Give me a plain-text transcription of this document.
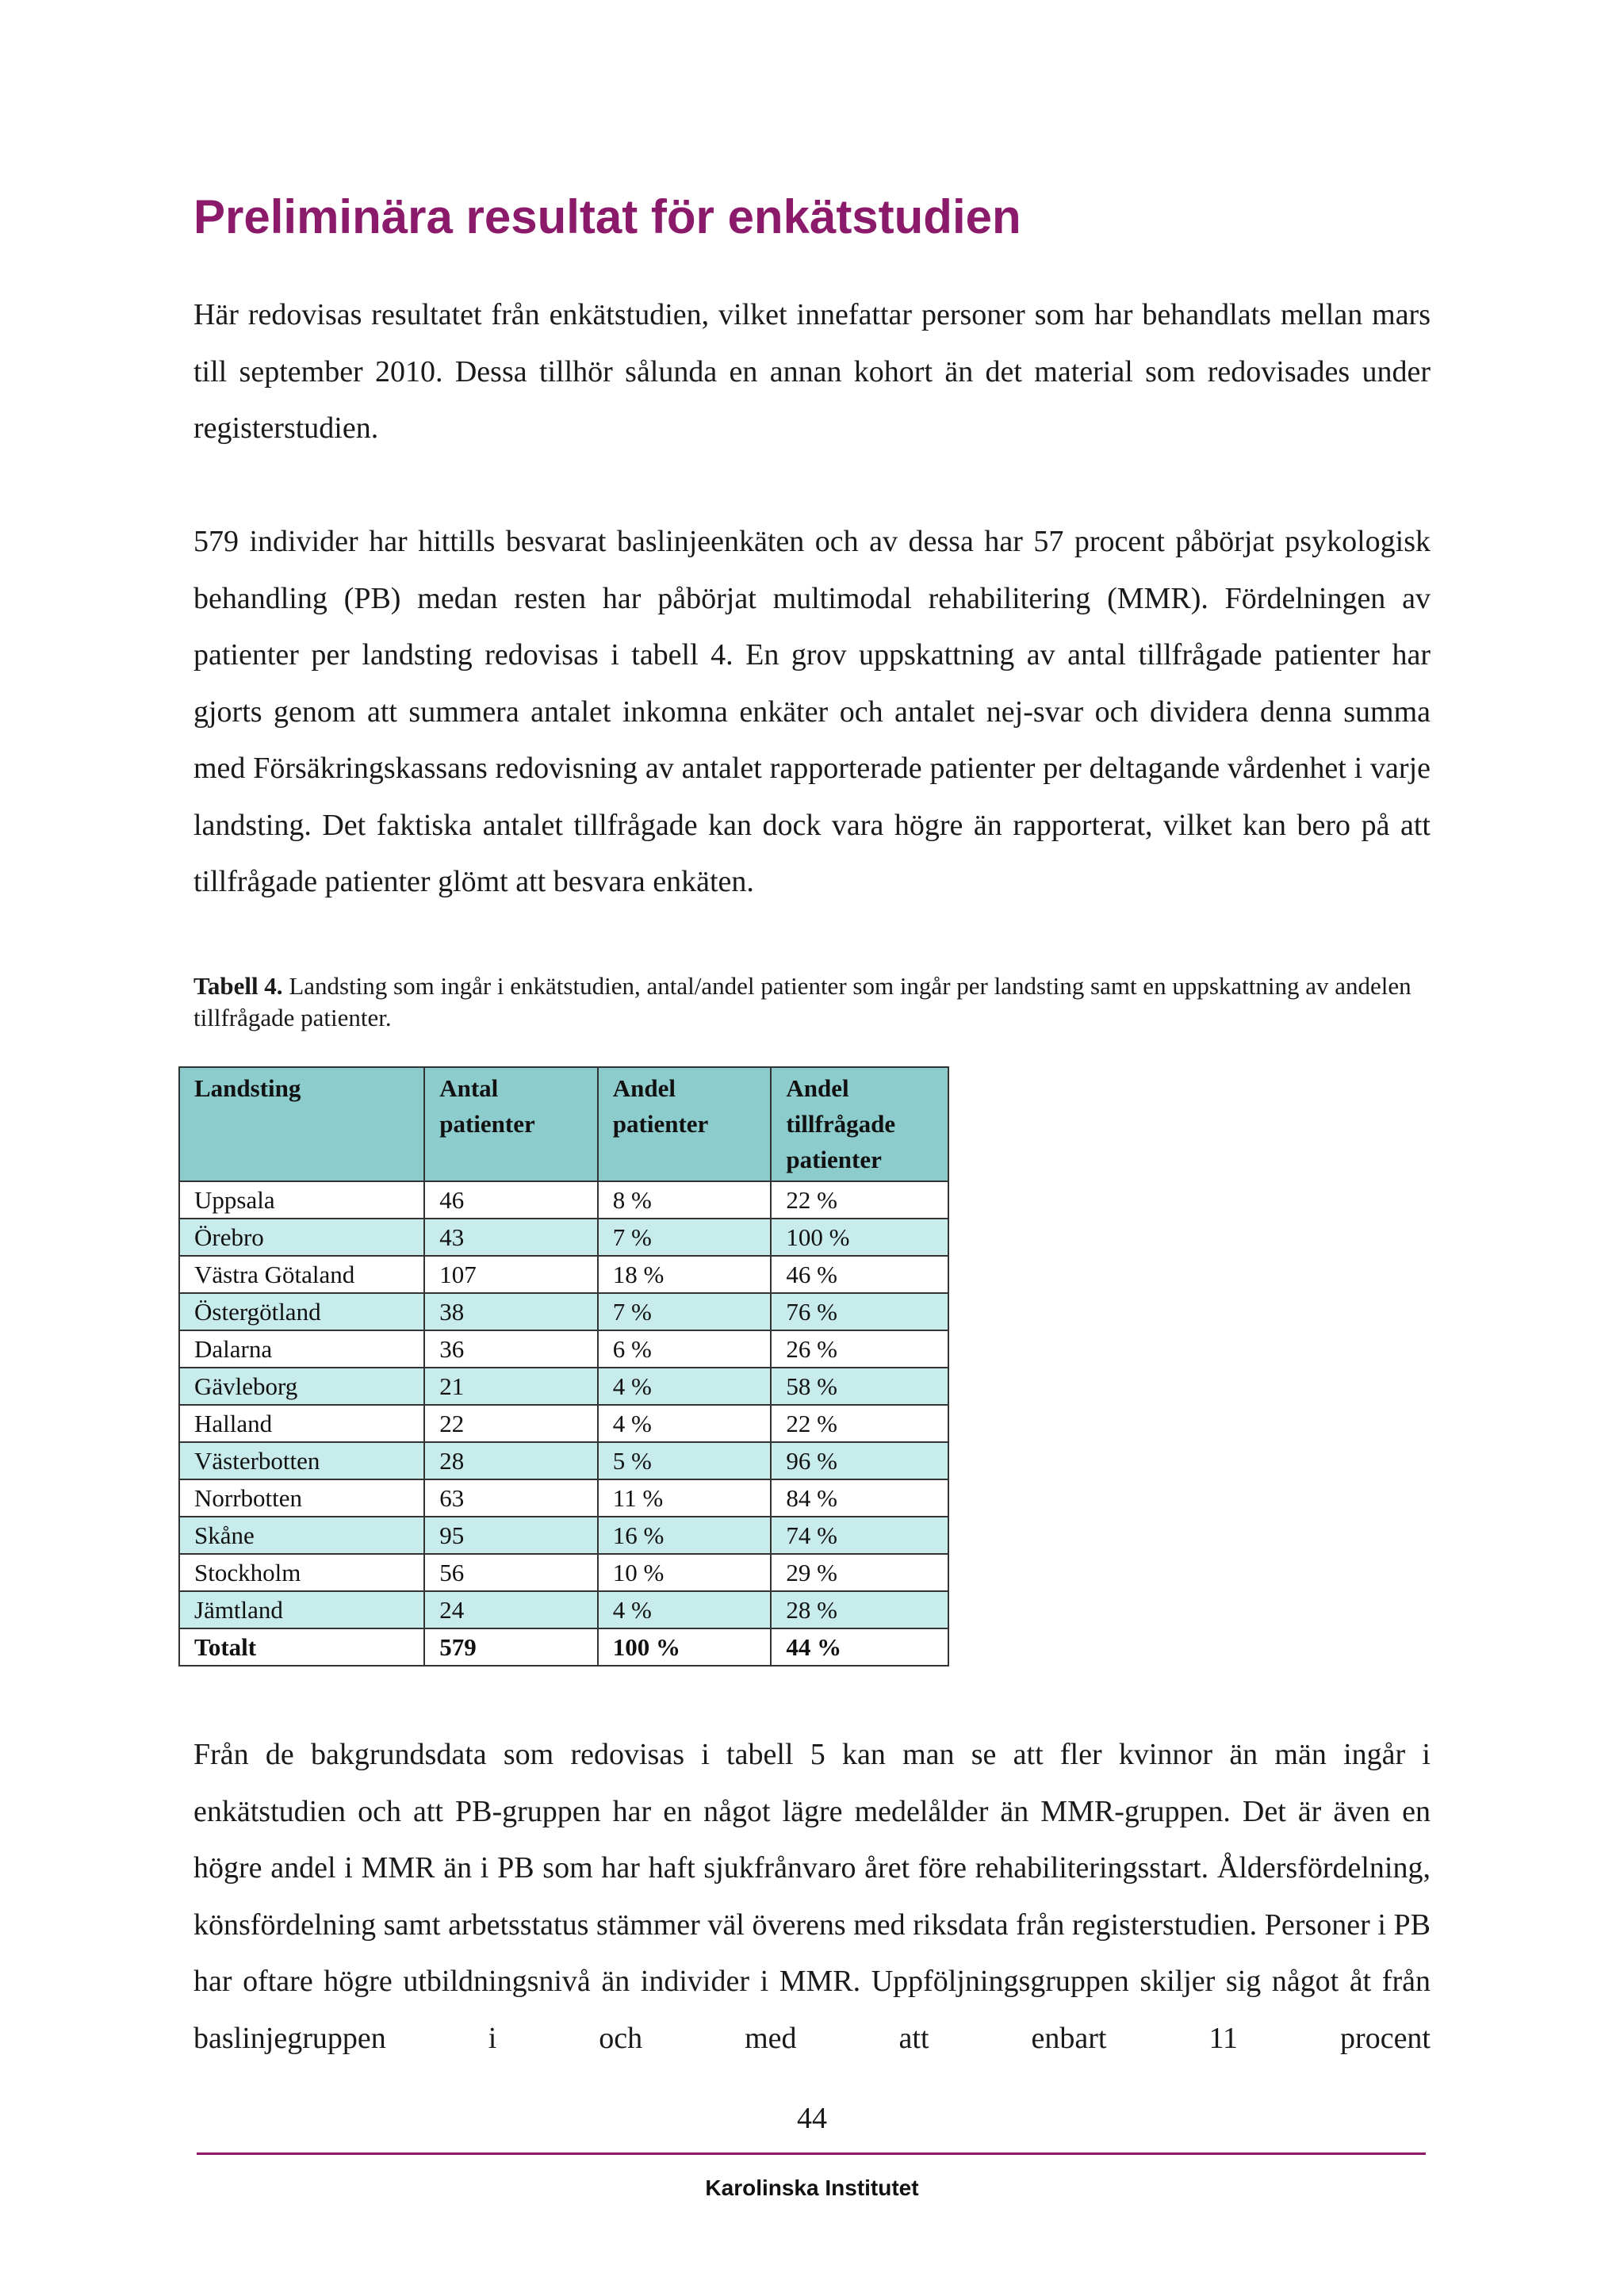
Preliminära resultat för enkätstudien

Här redovisas resultatet från enkätstudien, vilket innefattar personer som har behandlats mellan mars till september 2010. Dessa tillhör sålunda en annan kohort än det material som redovisades under registerstudien.

579 individer har hittills besvarat baslinjeenkäten och av dessa har 57 procent påbörjat psykologisk behandling (PB) medan resten har påbörjat multimodal rehabilitering (MMR). Fördelningen av patienter per landsting redovisas i tabell 4. En grov uppskattning av antal tillfrågade patienter har gjorts genom att summera antalet inkomna enkäter och antalet nej-svar och dividera denna summa med Försäkringskassans redovisning av antalet rapporterade patienter per deltagande vårdenhet i varje landsting. Det faktiska antalet tillfrågade kan dock vara högre än rapporterat, vilket kan bero på att tillfrågade patienter glömt att besvara enkäten.

Tabell 4. Landsting som ingår i enkätstudien, antal/andel patienter som ingår per landsting samt en uppskattning av andelen tillfrågade patienter.

Landsting	Antal patienter	Andel patienter	Andel tillfrågade patienter
Uppsala	46	8 %	22 %
Örebro	43	7 %	100 %
Västra Götaland	107	18 %	46 %
Östergötland	38	7 %	76 %
Dalarna	36	6 %	26 %
Gävleborg	21	4 %	58 %
Halland	22	4 %	22 %
Västerbotten	28	5 %	96 %
Norrbotten	63	11 %	84 %
Skåne	95	16 %	74 %
Stockholm	56	10 %	29 %
Jämtland	24	4 %	28 %
Totalt	579	100 %	44 %

Från de bakgrundsdata som redovisas i tabell 5 kan man se att fler kvinnor än män ingår i enkätstudien och att PB-gruppen har en något lägre medelålder än MMR-gruppen. Det är även en högre andel i MMR än i PB som har haft sjukfrånvaro året före rehabiliteringsstart. Åldersfördelning, könsfördelning samt arbetsstatus stämmer väl överens med riksdata från registerstudien. Personer i PB har oftare högre utbildningsnivå än individer i MMR. Uppföljningsgruppen skiljer sig något åt från baslinjegruppen i och med att enbart 11 procent

44
Karolinska Institutet
